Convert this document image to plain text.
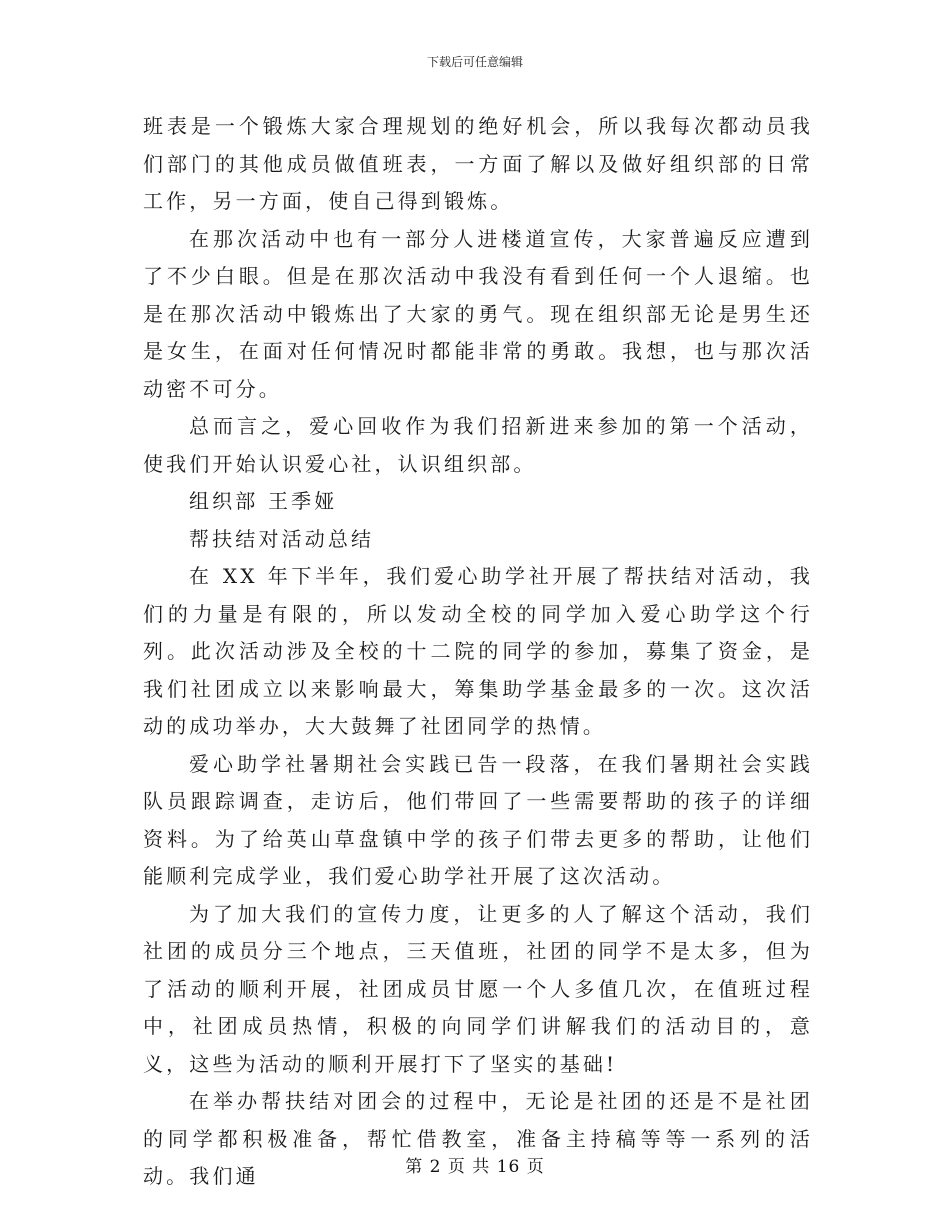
下载后可任意编辑

班表是一个锻炼大家合理规划的绝好机会，所以我每次都动员我们部门的其他成员做值班表，一方面了解以及做好组织部的日常工作，另一方面，使自己得到锻炼。

在那次活动中也有一部分人进楼道宣传，大家普遍反应遭到了不少白眼。但是在那次活动中我没有看到任何一个人退缩。也是在那次活动中锻炼出了大家的勇气。现在组织部无论是男生还是女生，在面对任何情况时都能非常的勇敢。我想，也与那次活动密不可分。

总而言之，爱心回收作为我们招新进来参加的第一个活动，使我们开始认识爱心社，认识组织部。

组织部 王季娅

帮扶结对活动总结

在 XX 年下半年，我们爱心助学社开展了帮扶结对活动，我们的力量是有限的，所以发动全校的同学加入爱心助学这个行列。此次活动涉及全校的十二院的同学的参加，募集了资金，是我们社团成立以来影响最大，筹集助学基金最多的一次。这次活动的成功举办，大大鼓舞了社团同学的热情。

爱心助学社暑期社会实践已告一段落，在我们暑期社会实践队员跟踪调查，走访后，他们带回了一些需要帮助的孩子的详细资料。为了给英山草盘镇中学的孩子们带去更多的帮助，让他们能顺利完成学业，我们爱心助学社开展了这次活动。

为了加大我们的宣传力度，让更多的人了解这个活动，我们社团的成员分三个地点，三天值班，社团的同学不是太多，但为了活动的顺利开展，社团成员甘愿一个人多值几次，在值班过程中，社团成员热情，积极的向同学们讲解我们的活动目的，意义，这些为活动的顺利开展打下了坚实的基础!

在举办帮扶结对团会的过程中，无论是社团的还是不是社团的同学都积极准备，帮忙借教室，准备主持稿等等一系列的活动。我们通	第 2 页 共 16 页
